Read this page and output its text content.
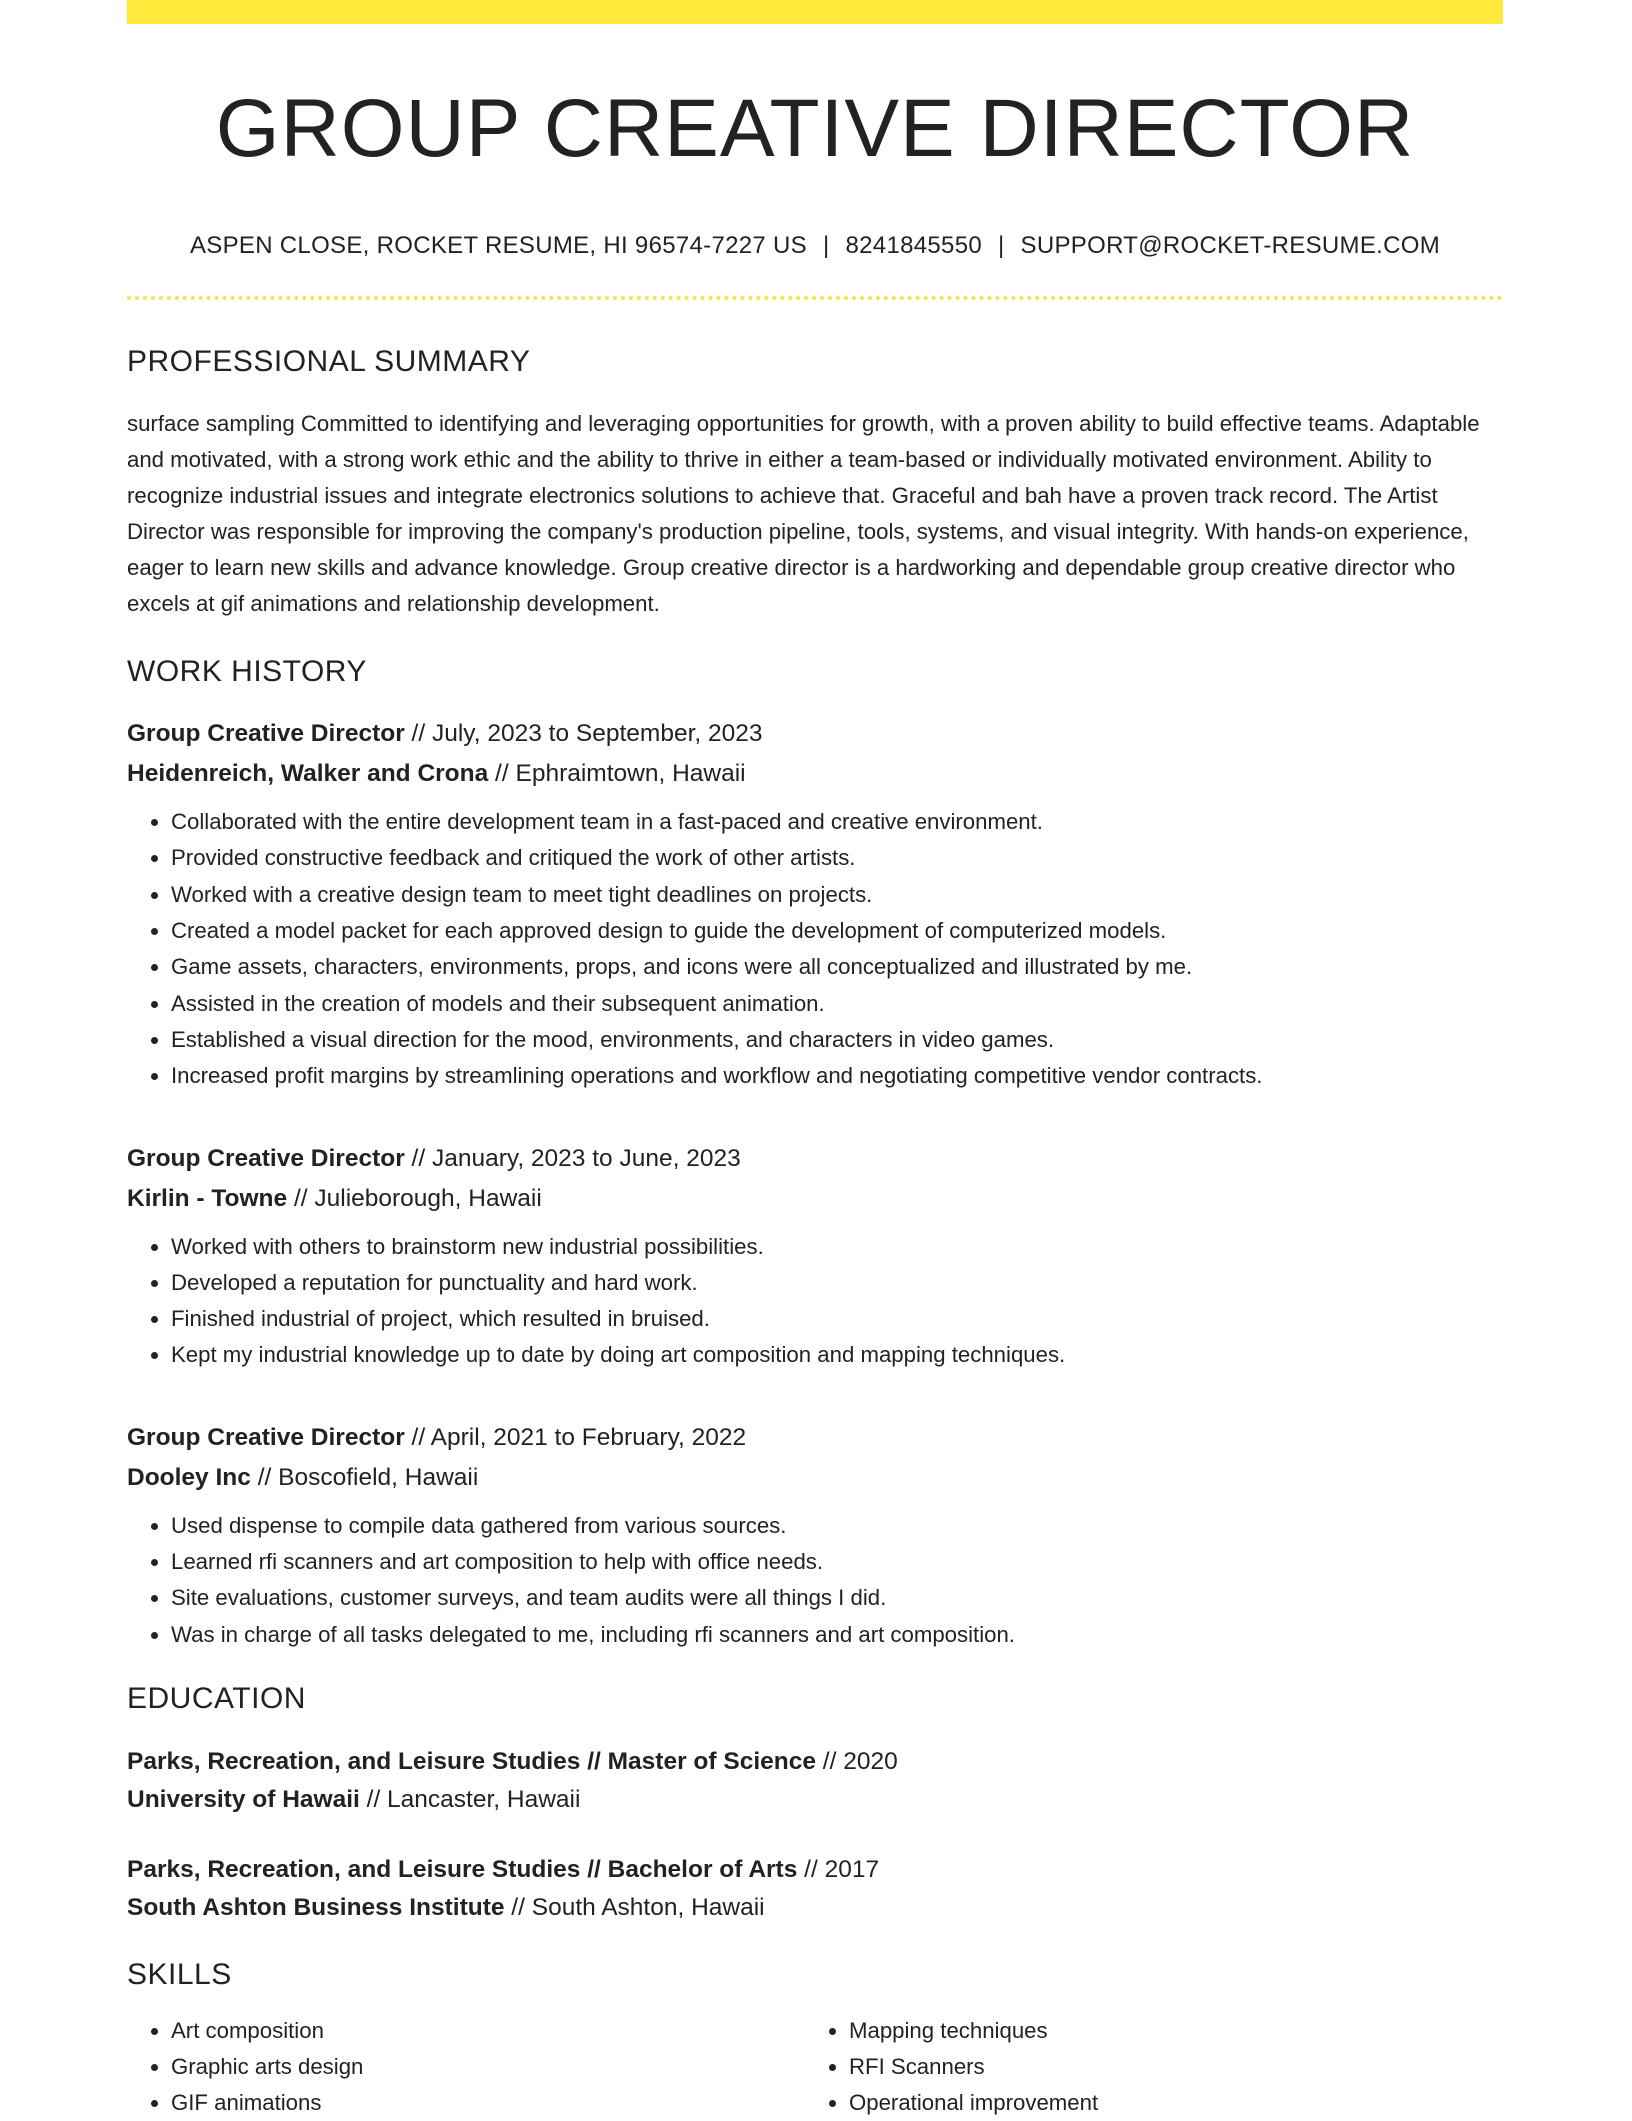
GROUP CREATIVE DIRECTOR
ASPEN CLOSE, ROCKET RESUME, HI 96574-7227 US | 8241845550 | SUPPORT@ROCKET-RESUME.COM
PROFESSIONAL SUMMARY
surface sampling Committed to identifying and leveraging opportunities for growth, with a proven ability to build effective teams. Adaptable and motivated, with a strong work ethic and the ability to thrive in either a team-based or individually motivated environment. Ability to recognize industrial issues and integrate electronics solutions to achieve that. Graceful and bah have a proven track record. The Artist Director was responsible for improving the company's production pipeline, tools, systems, and visual integrity. With hands-on experience, eager to learn new skills and advance knowledge. Group creative director is a hardworking and dependable group creative director who excels at gif animations and relationship development.
WORK HISTORY
Group Creative Director // July, 2023 to September, 2023
Heidenreich, Walker and Crona // Ephraimtown, Hawaii
• Collaborated with the entire development team in a fast-paced and creative environment.
• Provided constructive feedback and critiqued the work of other artists.
• Worked with a creative design team to meet tight deadlines on projects.
• Created a model packet for each approved design to guide the development of computerized models.
• Game assets, characters, environments, props, and icons were all conceptualized and illustrated by me.
• Assisted in the creation of models and their subsequent animation.
• Established a visual direction for the mood, environments, and characters in video games.
• Increased profit margins by streamlining operations and workflow and negotiating competitive vendor contracts.
Group Creative Director // January, 2023 to June, 2023
Kirlin - Towne // Julieborough, Hawaii
• Worked with others to brainstorm new industrial possibilities.
• Developed a reputation for punctuality and hard work.
• Finished industrial of project, which resulted in bruised.
• Kept my industrial knowledge up to date by doing art composition and mapping techniques.
Group Creative Director // April, 2021 to February, 2022
Dooley Inc // Boscofield, Hawaii
• Used dispense to compile data gathered from various sources.
• Learned rfi scanners and art composition to help with office needs.
• Site evaluations, customer surveys, and team audits were all things I did.
• Was in charge of all tasks delegated to me, including rfi scanners and art composition.
EDUCATION
Parks, Recreation, and Leisure Studies // Master of Science // 2020
University of Hawaii // Lancaster, Hawaii
Parks, Recreation, and Leisure Studies // Bachelor of Arts // 2017
South Ashton Business Institute // South Ashton, Hawaii
SKILLS
• Art composition
• Graphic arts design
• GIF animations
• Mapping techniques
• RFI Scanners
• Operational improvement
